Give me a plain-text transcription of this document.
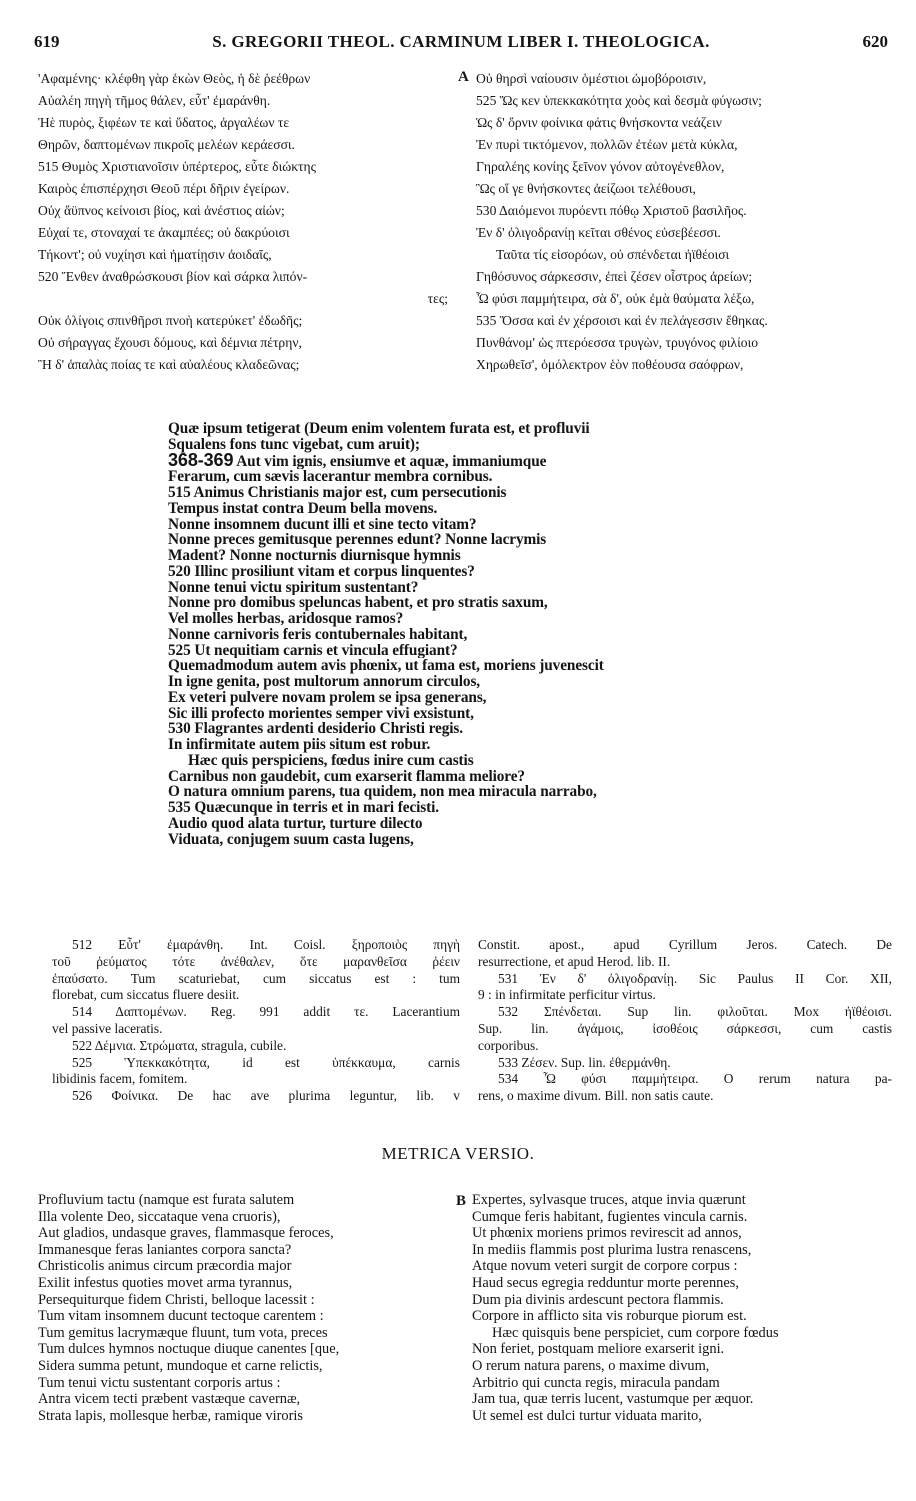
619	S. GREGORII THEOL. CARMINUM LIBER I. THEOLOGICA.	620
'Αφαμένης· κλέφθη γὰρ ἑκὼν Θεὸς, ἡ δὲ ῥεέθρων
Αὐαλέη πηγὴ τῆμος θάλεν, εὖτ' ἐμαράνθη.
Ἠὲ πυρὸς, ξιφέων τε καὶ ὕδατος, ἀργαλέων τε
Θηρῶν, δαπτομένων πικροῖς μελέων κεράεσσι.
515 Θυμὸς Χριστιανοῖσιν ὑπέρτερος, εὖτε διώκτης
Καιρὸς ἐπισπέρχησι Θεοῦ πέρι δῆριν ἐγείρων.
Οὐχ ἄϋπνος κείνοισι βίος, καὶ ἀνέστιος αἰών;
Εὐχαί τε, στοναχαί τε ἀκαμπέες; οὐ δακρύοισι
Τήκοντ'; οὐ νυχίησι καὶ ἠματίῃσιν ἀοιδαῖς,
520 Ἔνθεν ἀναθρώσκουσι βίον καὶ σάρκα λιπόν-
τες;
Οὐκ ὀλίγοις σπινθῆρσι πνοὴ κατερύκετ' ἐδωδῆς;
Οὐ σήραγγας ἔχουσι δόμους, καὶ δέμνια πέτρην,
Ἢ δ' ἁπαλὰς ποίας τε καὶ αὐαλέους κλαδεῶνας;
A Οὐ θηρσὶ ναίουσιν ὁμέστιοι ὠμοβόροισιν,
525 Ὥς κεν ὑπεκκακότητα χοὸς καὶ δεσμὰ φύγωσιν;
Ὡς δ' ὄρνιν φοίνικα φάτις θνήσκοντα νεάζειν
Ἐν πυρὶ τικτόμενον, πολλῶν ἐτέων μετὰ κύκλα,
Γηραλέης κονίης ξεῖνον γόνον αὐτογένεθλον,
Ὣς οἵ γε θνήσκοντες ἀείζωοι τελέθουσι,
530 Δαιόμενοι πυρόεντι πόθῳ Χριστοῦ βασιλῆος.
Ἐν δ' ὀλιγοδρανίῃ κεῖται σθένος εὐσεβέεσσι.
Ταῦτα τίς εἰσορόων, οὐ σπένδεται ἠϊθέοισι
Γηθόσυνος σάρκεσσιν, ἐπεὶ ζέσεν οἶστρος ἀρείων;
Ὦ φύσι παμμήτειρα, σὰ δ', οὐκ ἐμὰ θαύματα λέξω,
535 Ὅσσα καὶ ἐν χέρσοισι καὶ ἐν πελάγεσσιν ἔθηκας.
Πυνθάνομ' ὡς πτερόεσσα τρυγὼν, τρυγόνος φιλίοιο
Χηρωθεῖσ', ὁμόλεκτρον ἑὸν ποθέουσα σαόφρων,
Quæ ipsum tetigerat (Deum enim volentem furata est, et profluvii
Squalens fons tunc vigebat, cum aruit);
368-369 Aut vim ignis, ensiumve et aquæ, immaniumque
Ferarum, cum sævis lacerantur membra cornibus.
515 Animus Christianis major est, cum persecutionis
Tempus instat contra Deum bella movens.
Nonne insomnem ducunt illi et sine tecto vitam?
Nonne preces gemitusque perennes edunt? Nonne lacrymis
Madent? Nonne nocturnis diurnisque hymnis
520 Illinc prosiliunt vitam et corpus linquentes?
Nonne tenui victu spiritum sustentant?
Nonne pro domibus speluncas habent, et pro stratis saxum,
Vel molles herbas, aridosque ramos?
Nonne carnivoris feris contubernales habitant,
525 Ut nequitiam carnis et vincula effugiant?
Quemadmodum autem avis phœnix, ut fama est, moriens juvenescit
In igne genita, post multorum annorum circulos,
Ex veteri pulvere novam prolem se ipsa generans,
Sic illi profecto morientes semper vivi exsistunt,
530 Flagrantes ardenti desiderio Christi regis.
In infirmitate autem piis situm est robur.
Hæc quis perspiciens, fœdus inire cum castis
Carnibus non gaudebit, cum exarserit flamma meliore?
O natura omnium parens, tua quidem, non mea miracula narrabo,
535 Quæcunque in terris et in mari fecisti.
Audio quod alata turtur, turture dilecto
Viduata, conjugem suum casta lugens,
512 Εὖτ' ἐμαράνθη. Int. Coisl. ξηροποιὸς πηγὴ
τοῦ ῥεύματος τότε ἀνέθαλεν, ὅτε μαρανθεῖσα ῥέειν
ἐπαύσατο. Tum scaturiebat, cum siccatus est : tum
florebat, cum siccatus fluere desiit.
514 Δαπτομένων. Reg. 991 addit τε. Lacerantium
vel passive laceratis.
522 Δέμνια. Στρώματα, stragula, cubile.
525 Ὑπεκκακότητα, id est ὑπέκκαυμα, carnis
libidinis facem, fomitem.
526 Φοίνικα. De hac ave plurima leguntur, lib. v
Constit. apost., apud Cyrillum Jeros. Catech. De
resurrectione, et apud Herod. lib. II.
531 Ἐν δ' ὀλιγοδρανίῃ. Sic Paulus II Cor. XII,
9 : in infirmitate perficitur virtus.
532 Σπένδεται. Sup lin. φιλοῦται. Mox ἠϊθέοισι.
Sup. lin. ἀγάμοις, ἰσοθέοις σάρκεσσι, cum castis
corporibus.
533 Ζέσεν. Sup. lin. ἐθερμάνθη.
534 Ὦ φύσι παμμήτειρα. O rerum natura pa-
rens, o maxime divum. Bill. non satis caute.
METRICA VERSIO.
Profluvium tactu (namque est furata salutem
Illa volente Deo, siccataque vena cruoris),
Aut gladios, undasque graves, flammasque feroces,
Immanesque feras laniantes corpora sancta?
Christicolis animus circum præcordia major
Exilit infestus quoties movet arma tyrannus,
Persequiturque fidem Christi, belloque lacessit :
Tum vitam insomnem ducunt tectoque carentem :
Tum gemitus lacrymæque fluunt, tum vota, preces
Tum dulces hymnos noctuque diuque canentes [que,
Sidera summa petunt, mundoque et carne relictis,
Tum tenui victu sustentant corporis artus :
Antra vicem tecti præbent vastæque cavernæ,
Strata lapis, mollesque herbæ, ramique viroris
B Expertes, sylvasque truces, atque invia quærunt
Cumque feris habitant, fugientes vincula carnis.
Ut phœnix moriens primos revirescit ad annos,
In mediis flammis post plurima lustra renascens,
Atque novum veteri surgit de corpore corpus :
Haud secus egregia redduntur morte perennes,
Dum pia divinis ardescunt pectora flammis.
Corpore in afflicto sita vis roburque piorum est.
Hæc quisquis bene perspiciet, cum corpore fœdus
Non feriet, postquam meliore exarserit igni.
O rerum natura parens, o maxime divum,
Arbitrio qui cuncta regis, miracula pandam
Jam tua, quæ terris lucent, vastumque per æquor.
Ut semel est dulci turtur viduata marito,
